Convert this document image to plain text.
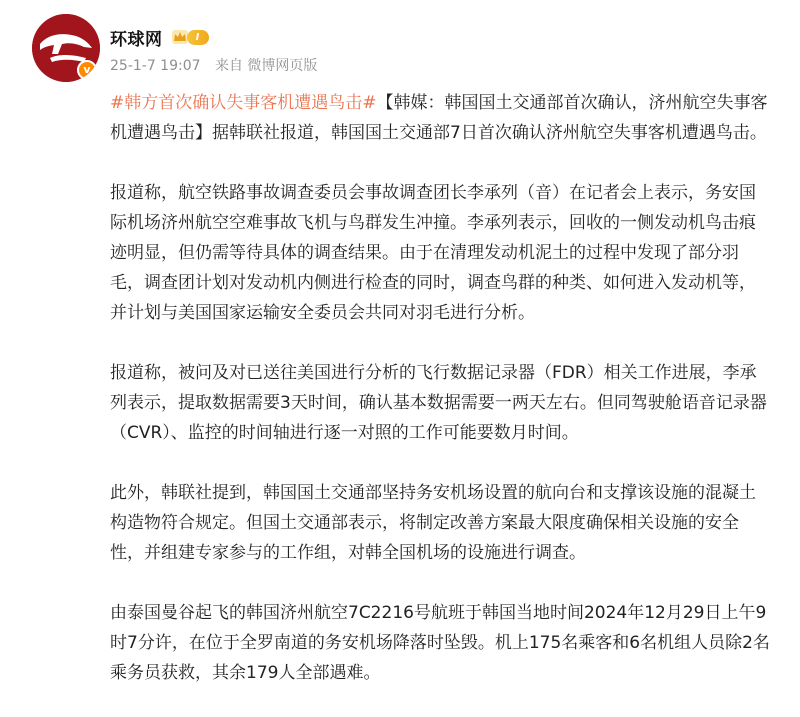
v
环球网	I
25-1-7 19:07 来自 微博网页版

#韩方首次确认失事客机遭遇鸟击#【韩媒：韩国国土交通部首次确认，济州航空失事客机遭遇鸟击】据韩联社报道，韩国国土交通部7日首次确认济州航空失事客机遭遇鸟击。

报道称，航空铁路事故调查委员会事故调查团长李承列（音）在记者会上表示，务安国际机场济州航空空难事故飞机与鸟群发生冲撞。李承列表示，回收的一侧发动机鸟击痕迹明显，但仍需等待具体的调查结果。由于在清理发动机泥土的过程中发现了部分羽毛，调查团计划对发动机内侧进行检查的同时，调查鸟群的种类、如何进入发动机等，并计划与美国国家运输安全委员会共同对羽毛进行分析。

报道称，被问及对已送往美国进行分析的飞行数据记录器（FDR）相关工作进展，李承列表示，提取数据需要3天时间，确认基本数据需要一两天左右。但同驾驶舱语音记录器（CVR）、监控的时间轴进行逐一对照的工作可能要数月时间。

此外，韩联社提到，韩国国土交通部坚持务安机场设置的航向台和支撑该设施的混凝土构造物符合规定。但国土交通部表示，将制定改善方案最大限度确保相关设施的安全性，并组建专家参与的工作组，对韩全国机场的设施进行调查。

由泰国曼谷起飞的韩国济州航空7C2216号航班于韩国当地时间2024年12月29日上午9时7分许，在位于全罗南道的务安机场降落时坠毁。机上175名乘客和6名机组人员除2名乘务员获救，其余179人全部遇难。
